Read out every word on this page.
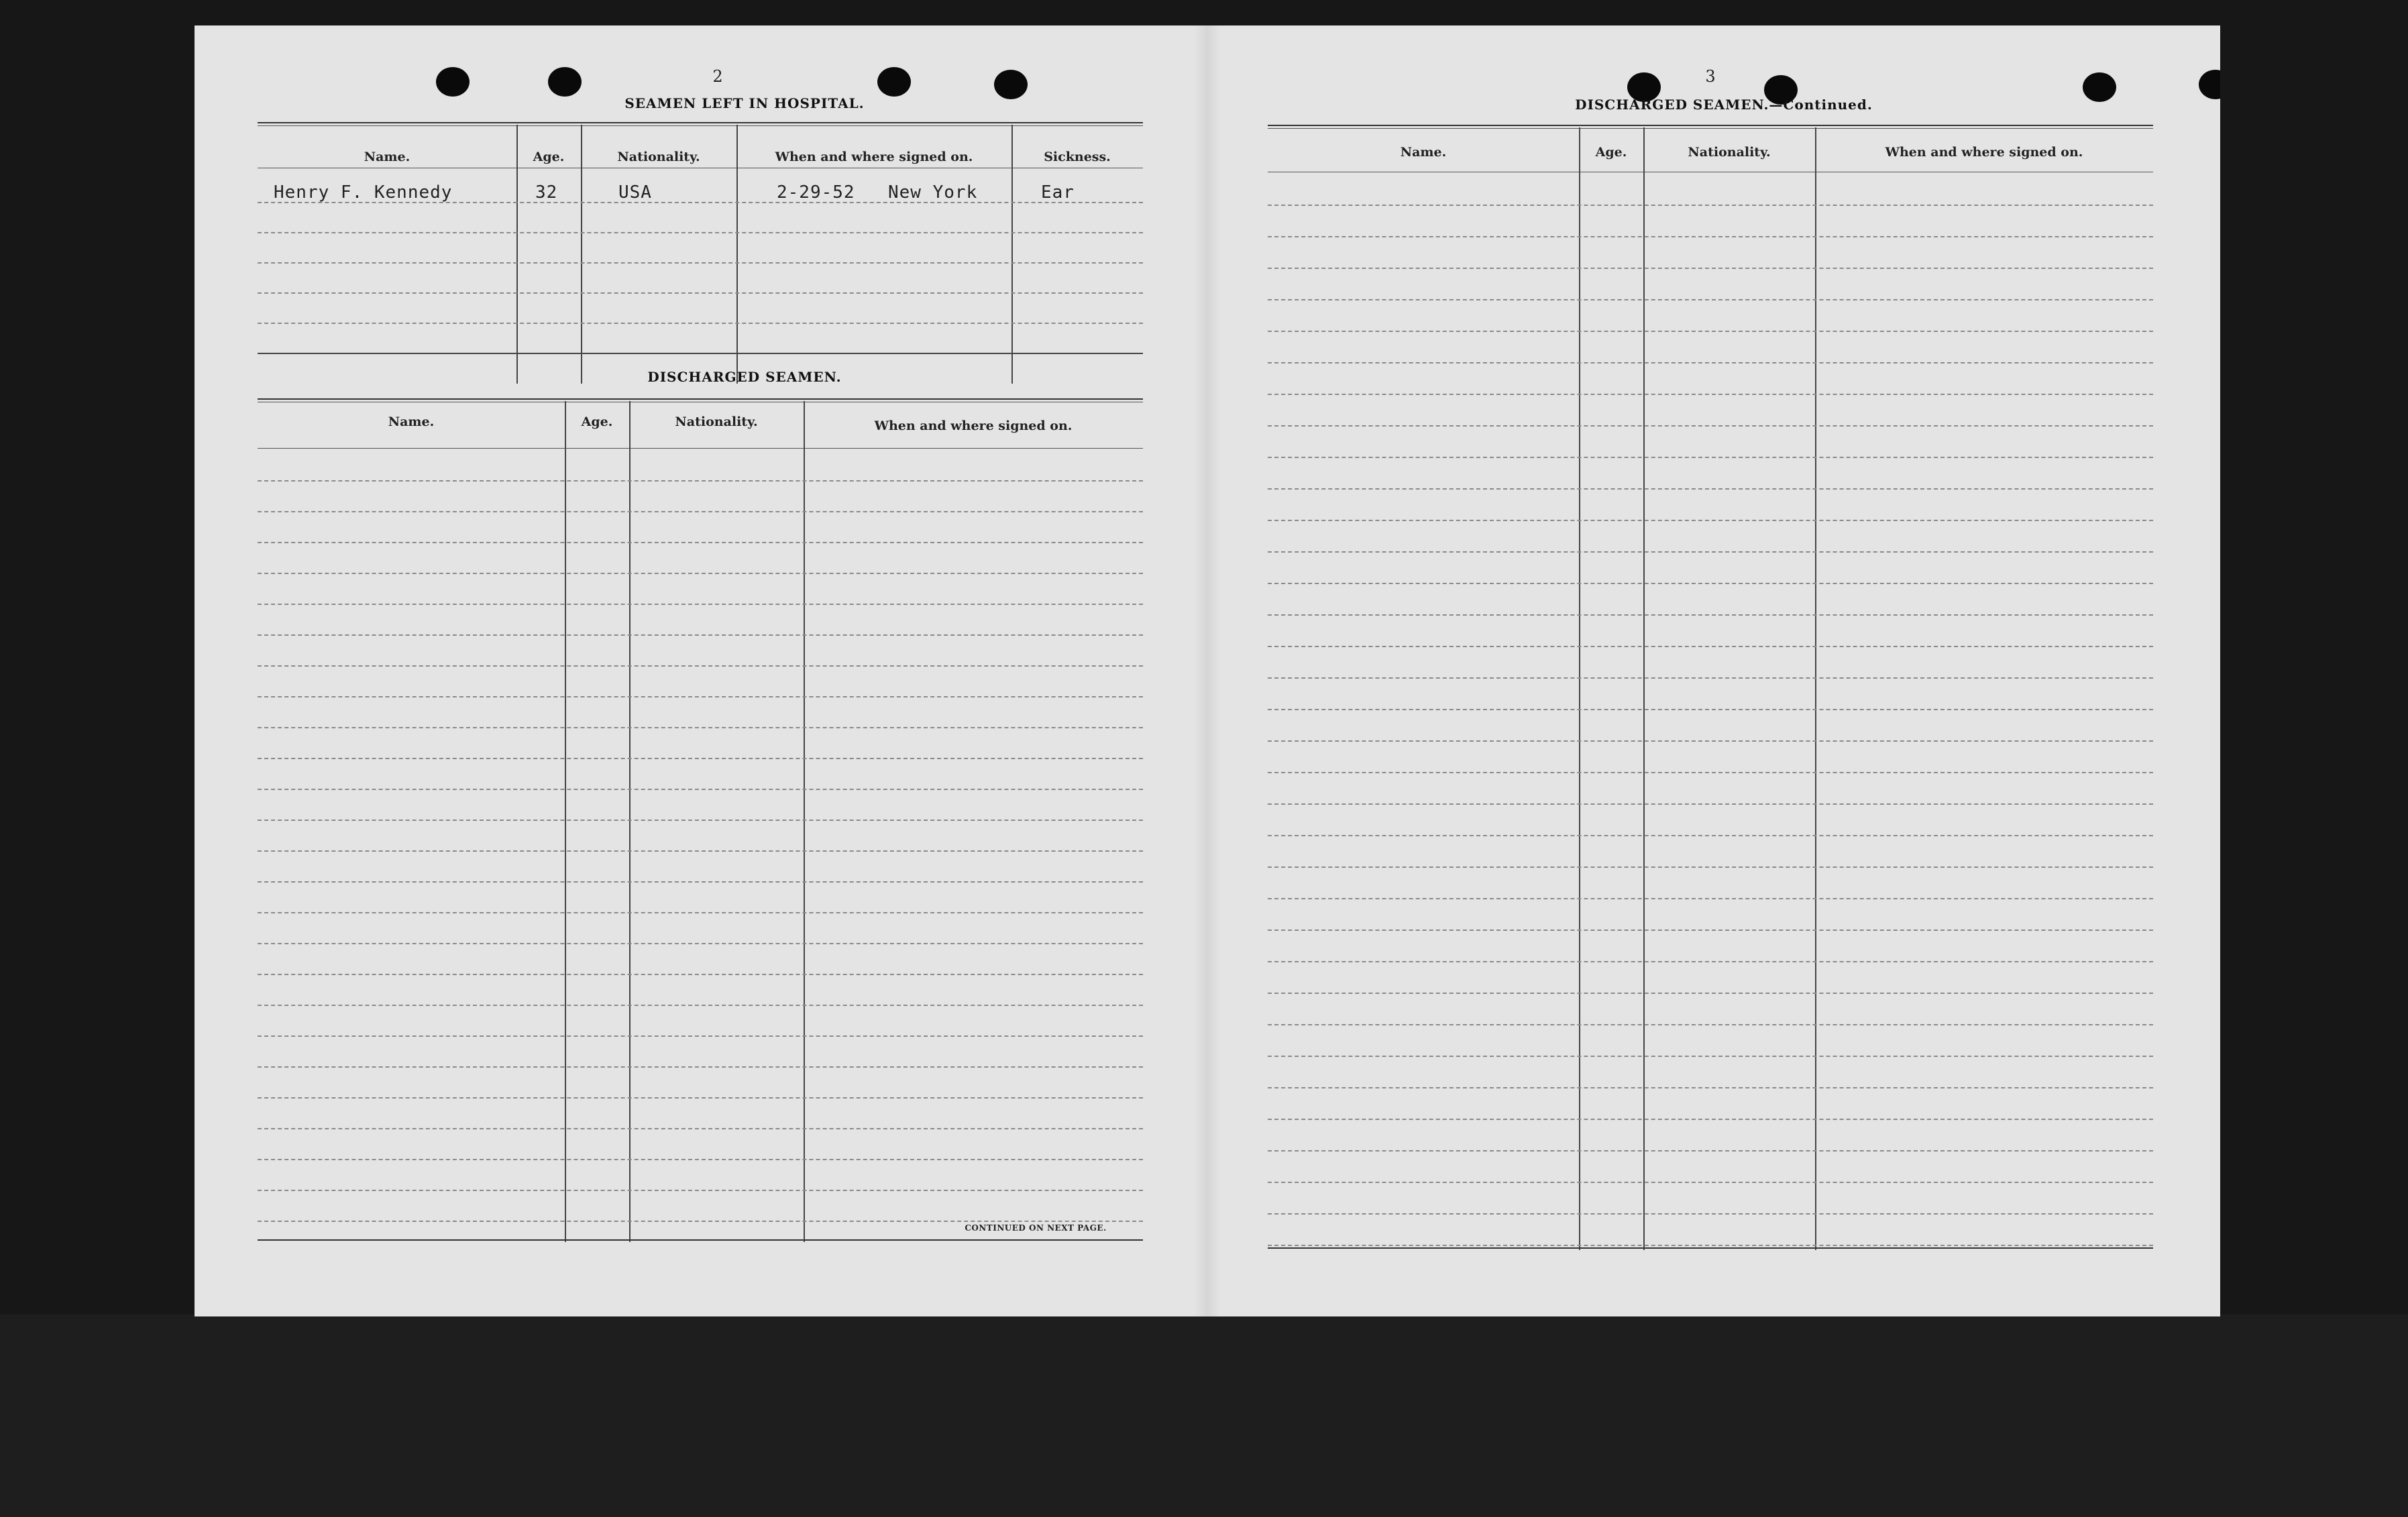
2
SEAMEN LEFT IN HOSPITAL.
Name.	Age.	Nationality.	When and where signed on.	Sickness.
Henry F. Kennedy	32	USA	2-29-52 New York	Ear
DISCHARGED SEAMEN.
Name.	Age.	Nationality.	When and where signed on.
CONTINUED ON NEXT PAGE.
3
DISCHARGED SEAMEN.—Continued.
Name.	Age.	Nationality.	When and where signed on.
